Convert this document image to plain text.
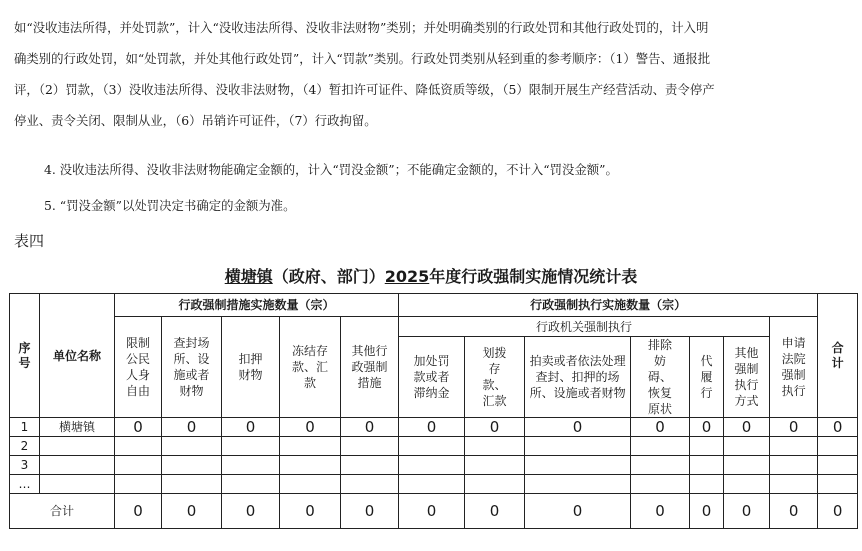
如“没收违法所得，并处罚款”，计入“没收违法所得、没收非法财物”类别；并处明确类别的行政处罚和其他行政处罚的，计入明
确类别的行政处罚，如“处罚款，并处其他行政处罚”，计入“罚款”类别。行政处罚类别从轻到重的参考顺序：（1）警告、通报批
评，（2）罚款，（3）没收违法所得、没收非法财物，（4）暂扣许可证件、降低资质等级，（5）限制开展生产经营活动、责令停产
停业、责令关闭、限制从业，（6）吊销许可证件，（7）行政拘留。
4. 没收违法所得、没收非法财物能确定金额的，计入“罚没金额”；不能确定金额的，不计入“罚没金额”。
5. “罚没金额”以处罚决定书确定的金额为准。
表四
横塘镇（政府、部门）2025年度行政强制实施情况统计表
序号	单位名称	行政强制措施实施数量（宗）					行政强制执行实施数量（宗）							合计
		限制公民人身自由	查封场所、设施或者财物	扣押财物	冻结存款、汇款	其他行政强制措施	行政机关强制执行						申请法院强制执行	
							加处罚款或者滞纳金	划拨存款、汇款	拍卖或者依法处理查封、扣押的场所、设施或者财物	排除妨碍、恢复原状	代履行	其他强制执行方式		
1	横塘镇	0	0	0	0	0	0	0	0	0	0	0	0	0
2														
3														
…														
合计		0	0	0	0	0	0	0	0	0	0	0	0	0
